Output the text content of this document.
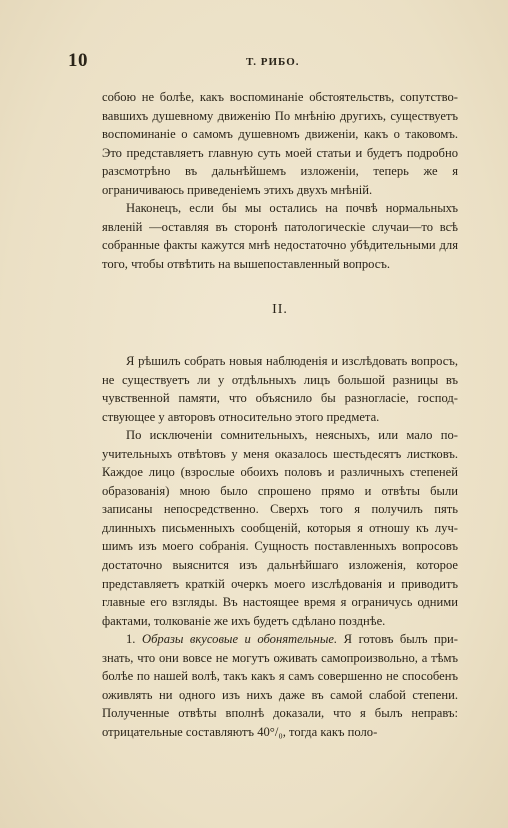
10	Т. РИБО.

собою не болѣе, какъ воспоминаніе обстоятельствъ, сопутствовавшихъ душевному движенію По мнѣнію другихъ, существуетъ воспоминаніе о самомъ душевномъ движеніи, какъ о таковомъ. Это представляетъ главную суть моей статьи и будетъ подробно разсмотрѣно въ дальнѣйшемъ изложеніи, теперь же я ограничиваюсь приведеніемъ этихъ двухъ мнѣній.

Наконецъ, если бы мы остались на почвѣ нормальныхъ явленій —оставляя въ сторонѣ патологическіе случаи—то всѣ собранные факты кажутся мнѣ недостаточно убѣдительными для того, чтобы отвѣтить на вышепоставленный вопросъ.

II.

Я рѣшилъ собрать новыя наблюденія и изслѣдовать вопросъ, не существуетъ ли у отдѣльныхъ лицъ большой разницы въ чувственной памяти, что объяснило бы разногласіе, господствующее у авторовъ относительно этого предмета.

По исключеніи сомнительныхъ, неясныхъ, или мало поучительныхъ отвѣтовъ у меня оказалось шестьдесятъ листковъ. Каждое лицо (взрослые обоихъ половъ и различныхъ степеней образованія) мною было спрошено прямо и отвѣты были записаны непосредственно. Сверхъ того я получилъ пять длинныхъ письменныхъ сообщеній, которыя я отношу къ лучшимъ изъ моего собранія. Сущность поставленныхъ вопросовъ достаточно выяснится изъ дальнѣйшаго изложенія, которое представляетъ краткій очеркъ моего изслѣдованія и приводитъ главные его взгляды. Въ настоящее время я ограничусь одними фактами, толкованіе же ихъ будетъ сдѣлано позднѣе.

1. Образы вкусовые и обонятельные. Я готовъ былъ признать, что они вовсе не могутъ оживать самопроизвольно, а тѣмъ болѣе по нашей волѣ, такъ какъ я самъ совершенно не способенъ оживлять ни одного изъ нихъ даже въ самой слабой степени. Полученные отвѣты вполнѣ доказали, что я былъ неправъ: отрицательные составляютъ 40°/₀, тогда какъ поло-
